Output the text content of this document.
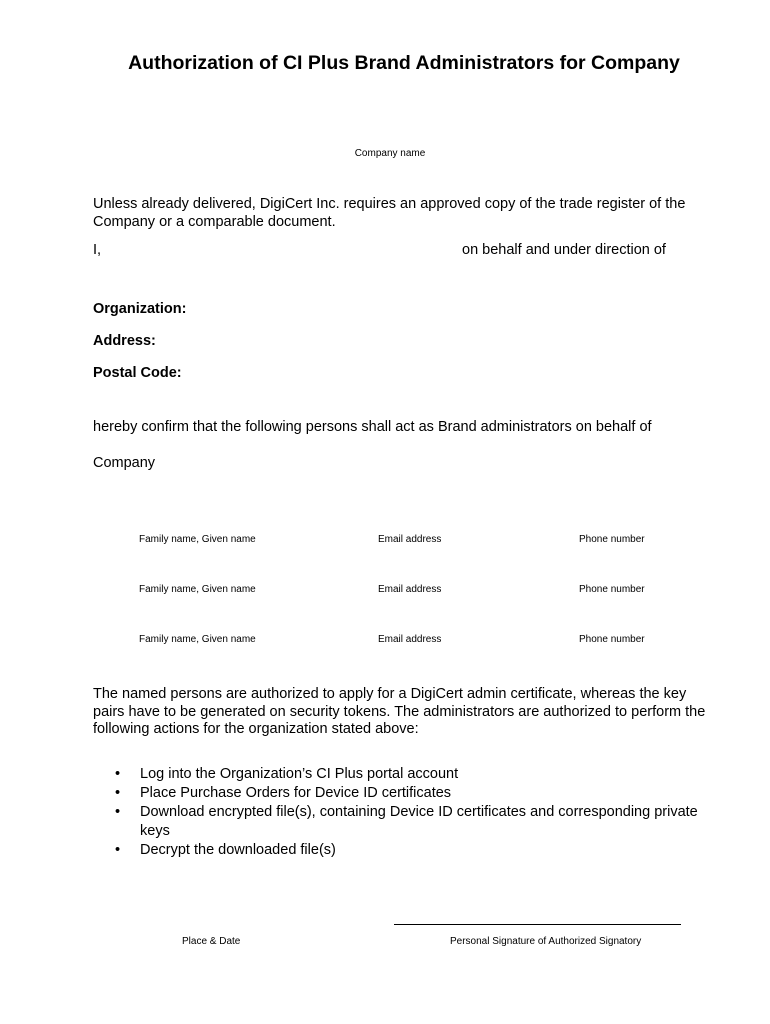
Authorization of CI Plus Brand Administrators for Company
Company name
Unless already delivered, DigiCert Inc. requires an approved copy of the trade register of the Company or a comparable document.
I,	on behalf and under direction of
Organization:
Address:
Postal Code:
hereby confirm that the following persons shall act as Brand administrators on behalf of
Company
Family name, Given name	Email address	Phone number
Family name, Given name	Email address	Phone number
Family name, Given name	Email address	Phone number
The named persons are authorized to apply for a DigiCert admin certificate, whereas the key pairs have to be generated on security tokens. The administrators are authorized to perform the following actions for the organization stated above:
• Log into the Organization’s CI Plus portal account
• Place Purchase Orders for Device ID certificates
• Download encrypted file(s), containing Device ID certificates and corresponding private keys
• Decrypt the downloaded file(s)
Place & Date	Personal Signature of Authorized Signatory
